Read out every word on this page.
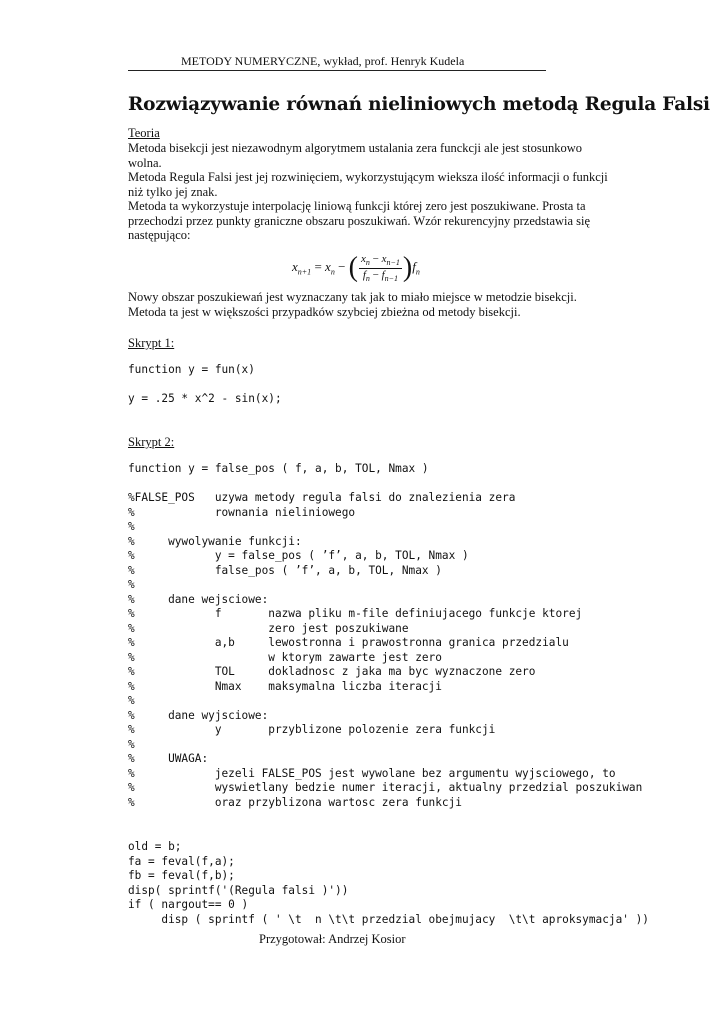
METODY NUMERYCZNE, wykład, prof. Henryk Kudela
Rozwiązywanie równań nieliniowych metodą Regula Falsi
Teoria
Metoda bisekcji jest niezawodnym algorytmem ustalania zera funckcji ale jest stosunkowo
wolna.
Metoda Regula Falsi jest jej rozwinięciem, wykorzystującym wieksza ilość informacji o funkcji
niż tylko jej znak.
Metoda ta wykorzystuje interpolację liniową funkcji której zero jest poszukiwane. Prosta ta
przechodzi przez punkty graniczne obszaru poszukiwań. Wzór rekurencyjny przedstawia się
następująco:
$x_{n+1} = x_n$ − ( $\frac{x_n - x_{n-1}}{f_n - f_{n-1}} )f_n$
Nowy obszar poszukiewań jest wyznaczany tak jak to miało miejsce w metodzie bisekcji.
Metoda ta jest w większości przypadków szybciej zbieżna od metody bisekcji.
Skrypt 1:
function y = fun(x)
y = .25 * x^2 - sin(x);
Skrypt 2:
function y = false_pos ( f, a, b, TOL, Nmax )
%FALSE_POS   uzywa metody regula falsi do znalezienia zera
%            rownania nieliniowego
%
%     wywolywanie funkcji:
%            y = false_pos ( ’f’, a, b, TOL, Nmax )
%            false_pos ( ’f’, a, b, TOL, Nmax )
%
%     dane wejsciowe:
%            f       nazwa pliku m-file definiujacego funkcje ktorej
%                    zero jest poszukiwane
%            a,b     lewostronna i prawostronna granica przedzialu
%                    w ktorym zawarte jest zero
%            TOL     dokladnosc z jaka ma byc wyznaczone zero
%            Nmax    maksymalna liczba iteracji
%
%     dane wyjsciowe:
%            y       przyblizone polozenie zera funkcji
%
%     UWAGA:
%            jezeli FALSE_POS jest wywolane bez argumentu wyjsciowego, to
%            wyswietlany bedzie numer iteracji, aktualny przedzial poszukiwan
%            oraz przyblizona wartosc zera funkcji
old = b;
fa = feval(f,a);
fb = feval(f,b);
disp( sprintf('(Regula falsi )'))
if ( nargout== 0 )
disp ( sprintf ( ' \t  n \t\t przedzial obejmujacy  \t\t aproksymacja' ))
Przygotował: Andrzej Kosior
